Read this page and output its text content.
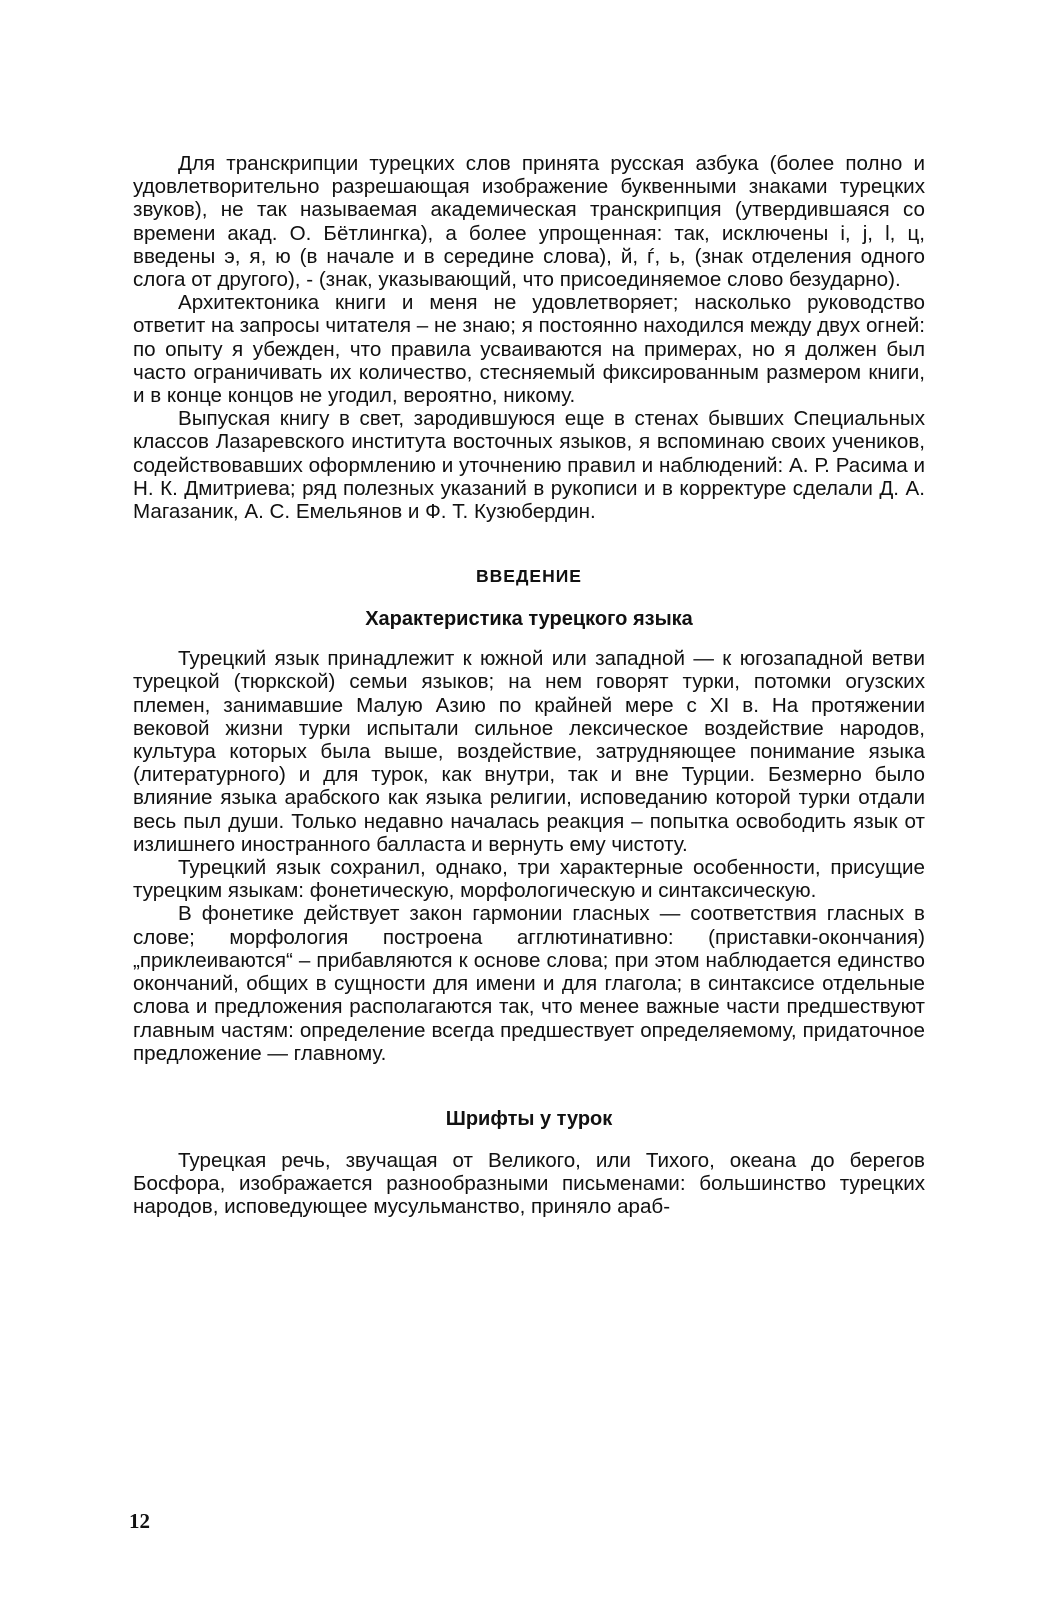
Для транскрипции турецких слов принята русская азбука (более полно и удовлетворительно разрешающая изображение буквенными знаками турецких звуков), не так называемая академическая транскрипция (утвердившаяся со времени акад. О. Бётлингка), а более упрощенная: так, исключены і, j, l, ц, введены э, я, ю (в начале и в середине слова), й, ѓ, ь, (знак отделения одного слога от другого), - (знак, указывающий, что присоединяемое слово безударно).

Архитектоника книги и меня не удовлетворяет; насколько руководство ответит на запросы читателя – не знаю; я постоянно находился между двух огней: по опыту я убежден, что правила усваиваются на примерах, но я должен был часто ограничивать их количество, стесняемый фиксированным размером книги, и в конце концов не угодил, вероятно, никому.

Выпуская книгу в свет, зародившуюся еще в стенах бывших Специальных классов Лазаревского института восточных языков, я вспоминаю своих учеников, содействовавших оформлению и уточнению правил и наблюдений: А. Р. Расима и Н. К. Дмитриева; ряд полезных указаний в рукописи и в корректуре сделали Д. А. Магазаник, А. С. Емельянов и Ф. Т. Кузюбердин.

ВВЕДЕНИЕ
Характеристика турецкого языка

Турецкий язык принадлежит к южной или западной — к югозападной ветви турецкой (тюркской) семьи языков; на нем говорят турки, потомки огузских племен, занимавшие Малую Азию по крайней мере с XI в. На протяжении вековой жизни турки испытали сильное лексическое воздействие народов, культура которых была выше, воздействие, затрудняющее понимание языка (литературного) и для турок, как внутри, так и вне Турции. Безмерно было влияние языка арабского как языка религии, исповеданию которой турки отдали весь пыл души. Только недавно началась реакция – попытка освободить язык от излишнего иностранного балласта и вернуть ему чистоту.

Турецкий язык сохранил, однако, три характерные особенности, присущие турецким языкам: фонетическую, морфологическую и синтаксическую.

В фонетике действует закон гармонии гласных — соответствия гласных в слове; морфология построена агглютинативно: (приставки-окончания) „приклеиваются“ – прибавляются к основе слова; при этом наблюдается единство окончаний, общих в сущности для имени и для глагола; в синтаксисе отдельные слова и предложения располагаются так, что менее важные части предшествуют главным частям: определение всегда предшествует определяемому, придаточное предложение — главному.

Шрифты у турок

Турецкая речь, звучащая от Великого, или Тихого, океана до берегов Босфора, изображается разнообразными письменами: большинство турецких народов, исповедующее мусульманство, приняло араб-

12
